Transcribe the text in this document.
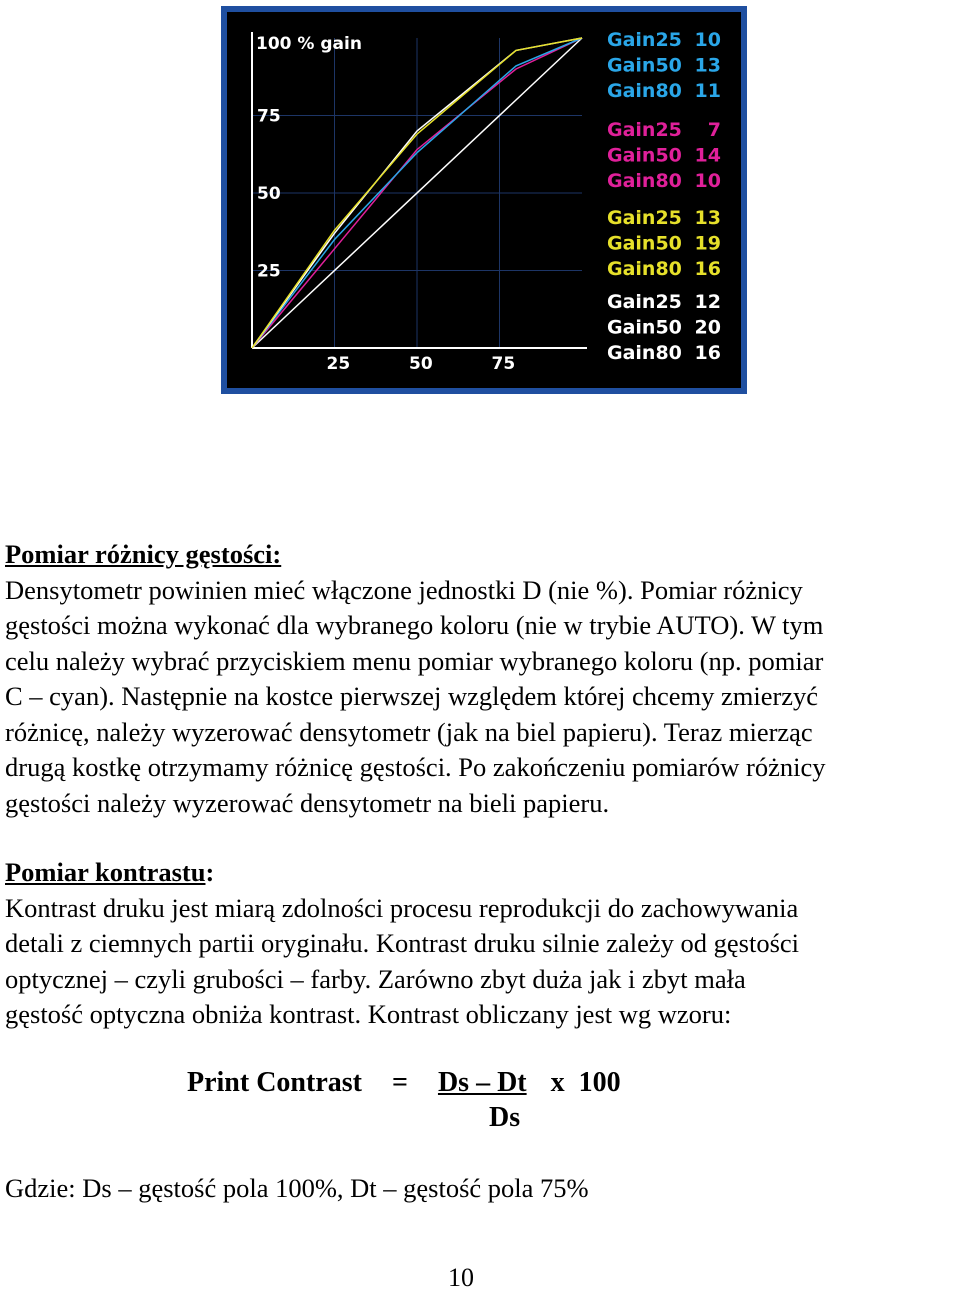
100 % gain
25
50
75
25	50	75
Gain25 10
Gain50 13
Gain80 11
Gain25 7
Gain50 14
Gain80 10
Gain25 13
Gain50 19
Gain80 16
Gain25 12
Gain50 20
Gain80 16
Pomiar różnicy gęstości:
Densytometr powinien mieć włączone jednostki D (nie %). Pomiar różnicy
gęstości można wykonać dla wybranego koloru (nie w trybie AUTO). W tym
celu należy wybrać przyciskiem menu pomiar wybranego koloru (np. pomiar
C – cyan). Następnie na kostce pierwszej względem której chcemy zmierzyć
różnicę, należy wyzerować densytometr (jak na biel papieru). Teraz mierząc
drugą kostkę otrzymamy różnicę gęstości. Po zakończeniu pomiarów różnicy
gęstości należy wyzerować densytometr na bieli papieru.
Pomiar kontrastu:
Kontrast druku jest miarą zdolności procesu reprodukcji do zachowywania
detali z ciemnych partii oryginału. Kontrast druku silnie zależy od gęstości
optycznej – czyli grubości – farby. Zarówno zbyt duża jak i zbyt mała
gęstość optyczna obniża kontrast. Kontrast obliczany jest wg wzoru:
Print Contrast = Ds – Dt x 100
Ds
Gdzie: Ds – gęstość pola 100%, Dt – gęstość pola 75%
10
